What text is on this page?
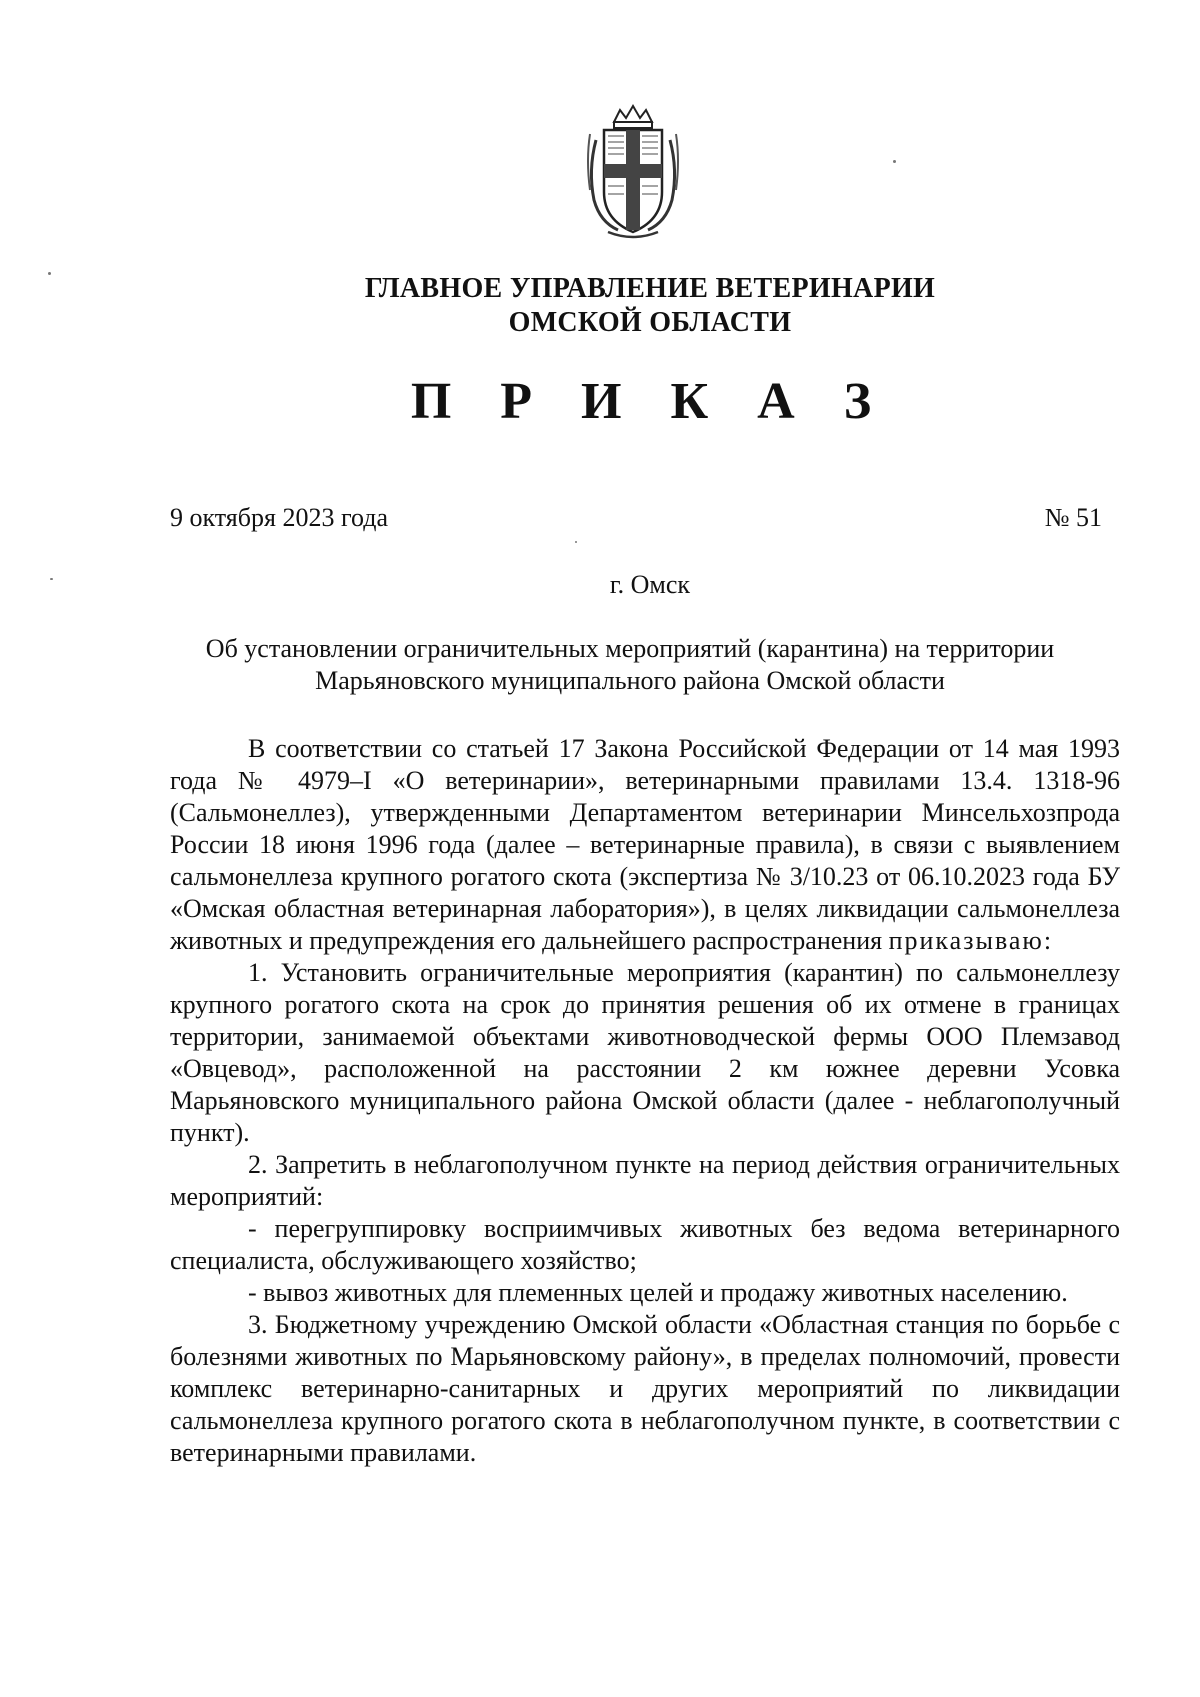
ГЛАВНОЕ УПРАВЛЕНИЕ ВЕТЕРИНАРИИ
ОМСКОЙ ОБЛАСТИ
П Р И К А З
9 октября 2023 года	№ 51
г. Омск
Об установлении ограничительных мероприятий (карантина) на территории
Марьяновского муниципального района Омской области

В соответствии со статьей 17 Закона Российской Федерации от 14 мая 1993 года № 4979–I «О ветеринарии», ветеринарными правилами 13.4. 1318-96 (Сальмонеллез), утвержденными Департаментом ветеринарии Минсельхозпрода России 18 июня 1996 года (далее – ветеринарные правила), в связи с выявлением сальмонеллеза крупного рогатого скота (экспертиза № 3/10.23 от 06.10.2023 года БУ «Омская областная ветеринарная лаборатория»), в целях ликвидации сальмонеллеза животных и предупреждения его дальнейшего распространения приказываю:

1. Установить ограничительные мероприятия (карантин) по сальмонеллезу крупного рогатого скота на срок до принятия решения об их отмене в границах территории, занимаемой объектами животноводческой фермы ООО Племзавод «Овцевод», расположенной на расстоянии 2 км южнее деревни Усовка Марьяновского муниципального района Омской области (далее - неблагополучный пункт).

2. Запретить в неблагополучном пункте на период действия ограничительных мероприятий:

- перегруппировку восприимчивых животных без ведома ветеринарного специалиста, обслуживающего хозяйство;

- вывоз животных для племенных целей и продажу животных населению.

3. Бюджетному учреждению Омской области «Областная станция по борьбе с болезнями животных по Марьяновскому району», в пределах полномочий, провести комплекс ветеринарно-санитарных и других мероприятий по ликвидации сальмонеллеза крупного рогатого скота в неблагополучном пункте, в соответствии с ветеринарными правилами.
